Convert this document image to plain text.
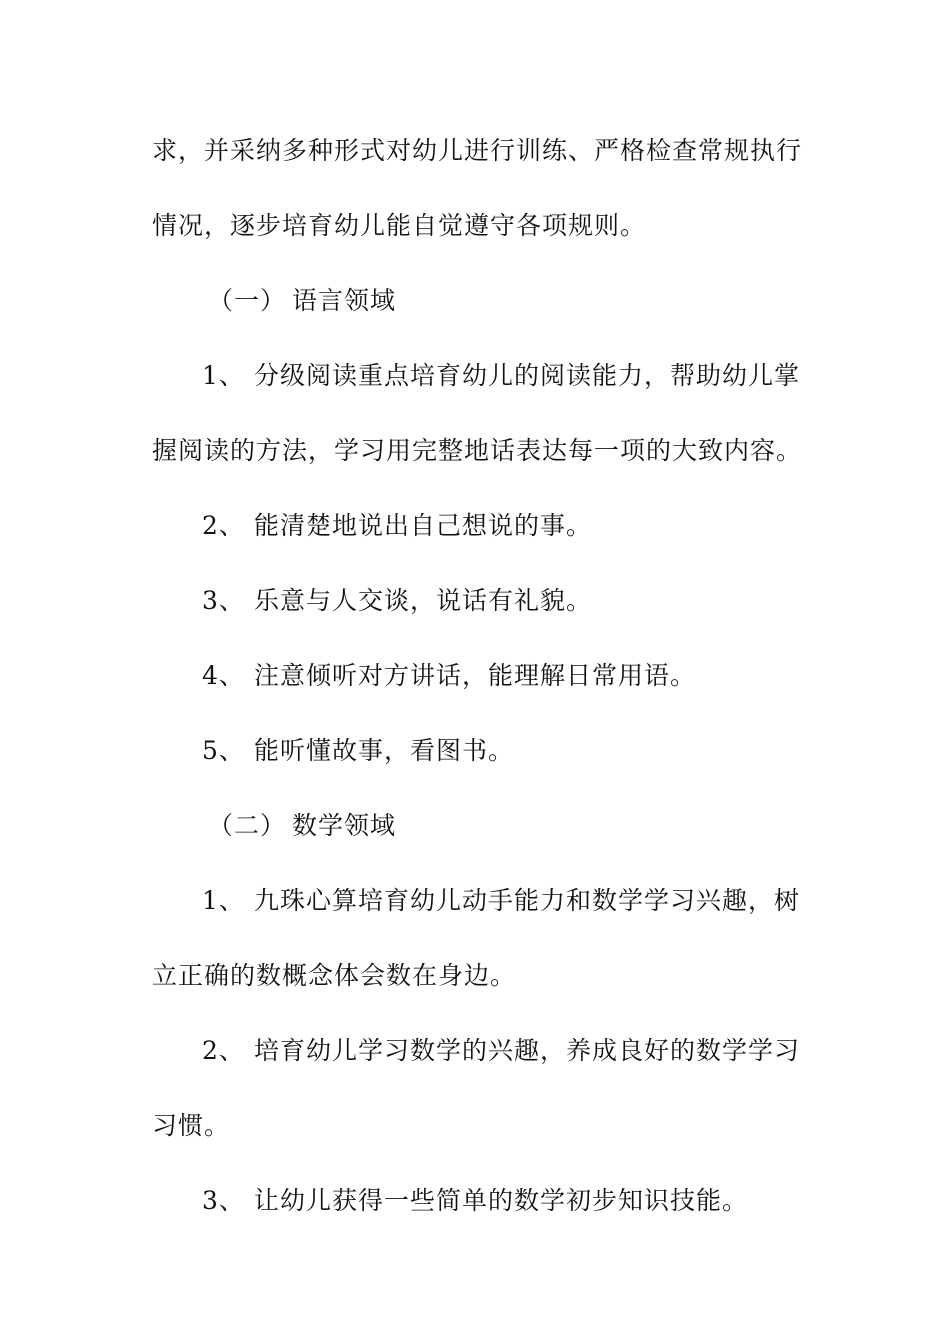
求，并采纳多种形式对幼儿进行训练、严格检查常规执行
情况，逐步培育幼儿能自觉遵守各项规则。
（一） 语言领域
1、 分级阅读重点培育幼儿的阅读能力，帮助幼儿掌
握阅读的方法，学习用完整地话表达每一项的大致内容。
2、 能清楚地说出自己想说的事。
3、 乐意与人交谈，说话有礼貌。
4、 注意倾听对方讲话，能理解日常用语。
5、 能听懂故事，看图书。
（二） 数学领域
1、 九珠心算培育幼儿动手能力和数学学习兴趣，树
立正确的数概念体会数在身边。
2、 培育幼儿学习数学的兴趣，养成良好的数学学习
习惯。
3、 让幼儿获得一些简单的数学初步知识技能。
